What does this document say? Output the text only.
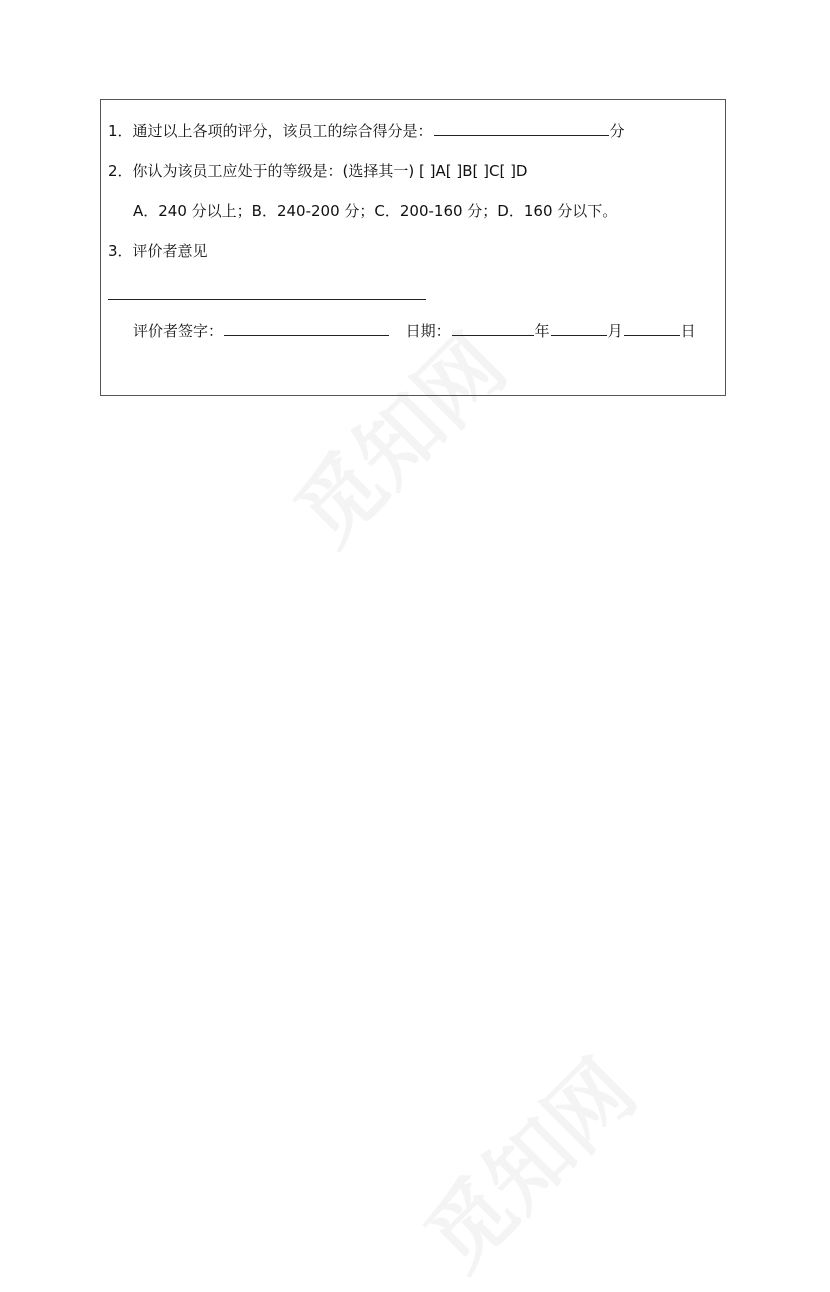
1．通过以上各项的评分，该员工的综合得分是：	分
2．你认为该员工应处于的等级是：(选择其一) [ ]A[ ]B[ ]C[ ]D
A．240 分以上；B．240-200 分；C．200-160 分；D．160 分以下。
3．评价者意见
评价者签字：	日期：	年	月	日
